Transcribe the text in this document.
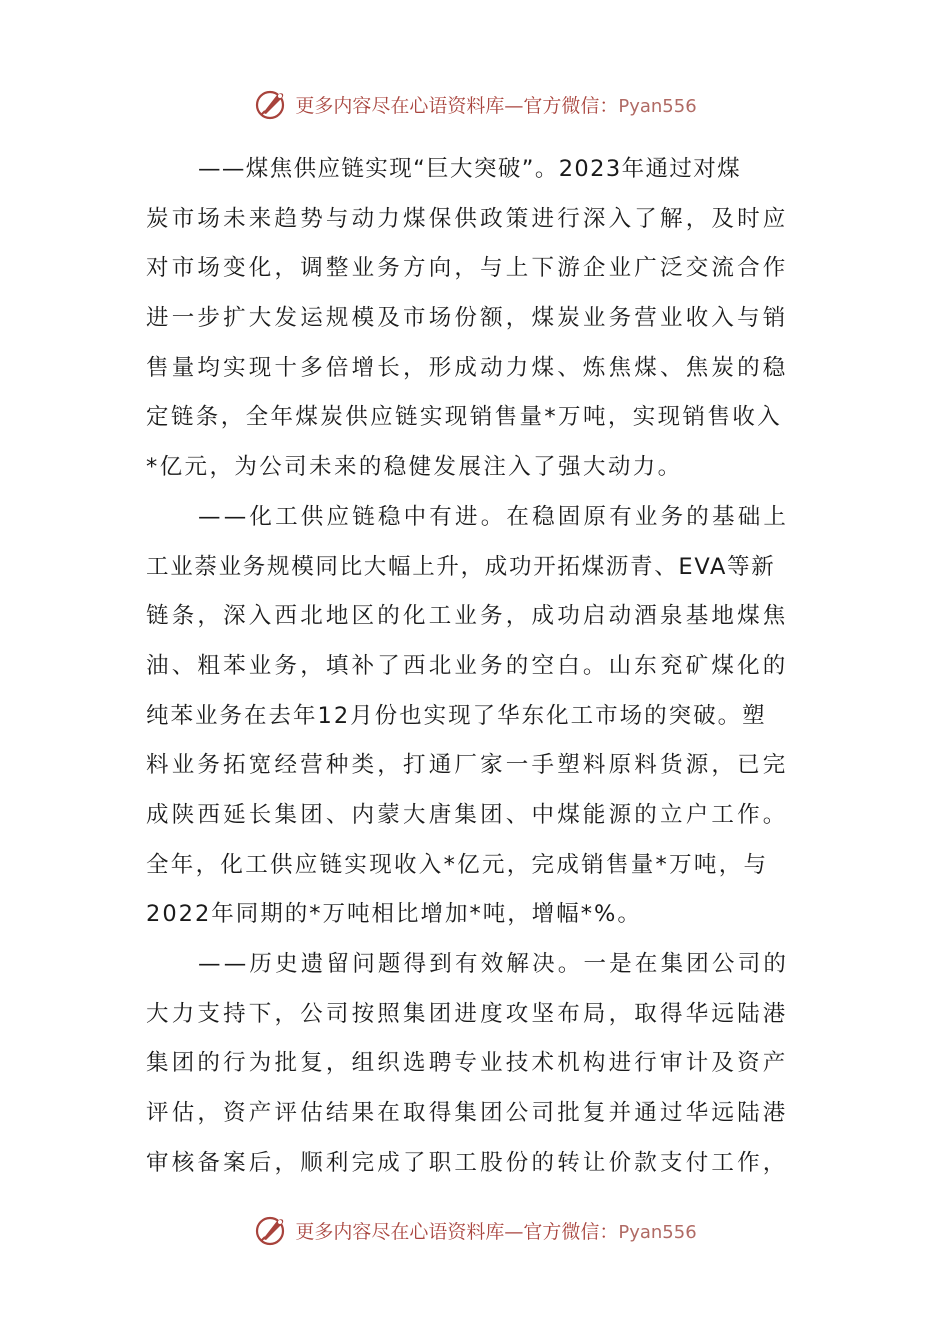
更多内容尽在心语资料库—官方微信：Pyan556
——煤焦供应链实现“巨大突破”。2023年通过对煤
炭市场未来趋势与动力煤保供政策进行深入了解，及时应
对市场变化，调整业务方向，与上下游企业广泛交流合作
进一步扩大发运规模及市场份额，煤炭业务营业收入与销
售量均实现十多倍增长，形成动力煤、炼焦煤、焦炭的稳
定链条，全年煤炭供应链实现销售量*万吨，实现销售收入
*亿元，为公司未来的稳健发展注入了强大动力。
——化工供应链稳中有进。在稳固原有业务的基础上
工业萘业务规模同比大幅上升，成功开拓煤沥青、EVA等新
链条，深入西北地区的化工业务，成功启动酒泉基地煤焦
油、粗苯业务，填补了西北业务的空白。山东兖矿煤化的
纯苯业务在去年12月份也实现了华东化工市场的突破。塑
料业务拓宽经营种类，打通厂家一手塑料原料货源，已完
成陕西延长集团、内蒙大唐集团、中煤能源的立户工作。
全年，化工供应链实现收入*亿元，完成销售量*万吨，与
2022年同期的*万吨相比增加*吨，增幅*%。
——历史遗留问题得到有效解决。一是在集团公司的
大力支持下，公司按照集团进度攻坚布局，取得华远陆港
集团的行为批复，组织选聘专业技术机构进行审计及资产
评估，资产评估结果在取得集团公司批复并通过华远陆港
审核备案后，顺利完成了职工股份的转让价款支付工作，
更多内容尽在心语资料库—官方微信：Pyan556
